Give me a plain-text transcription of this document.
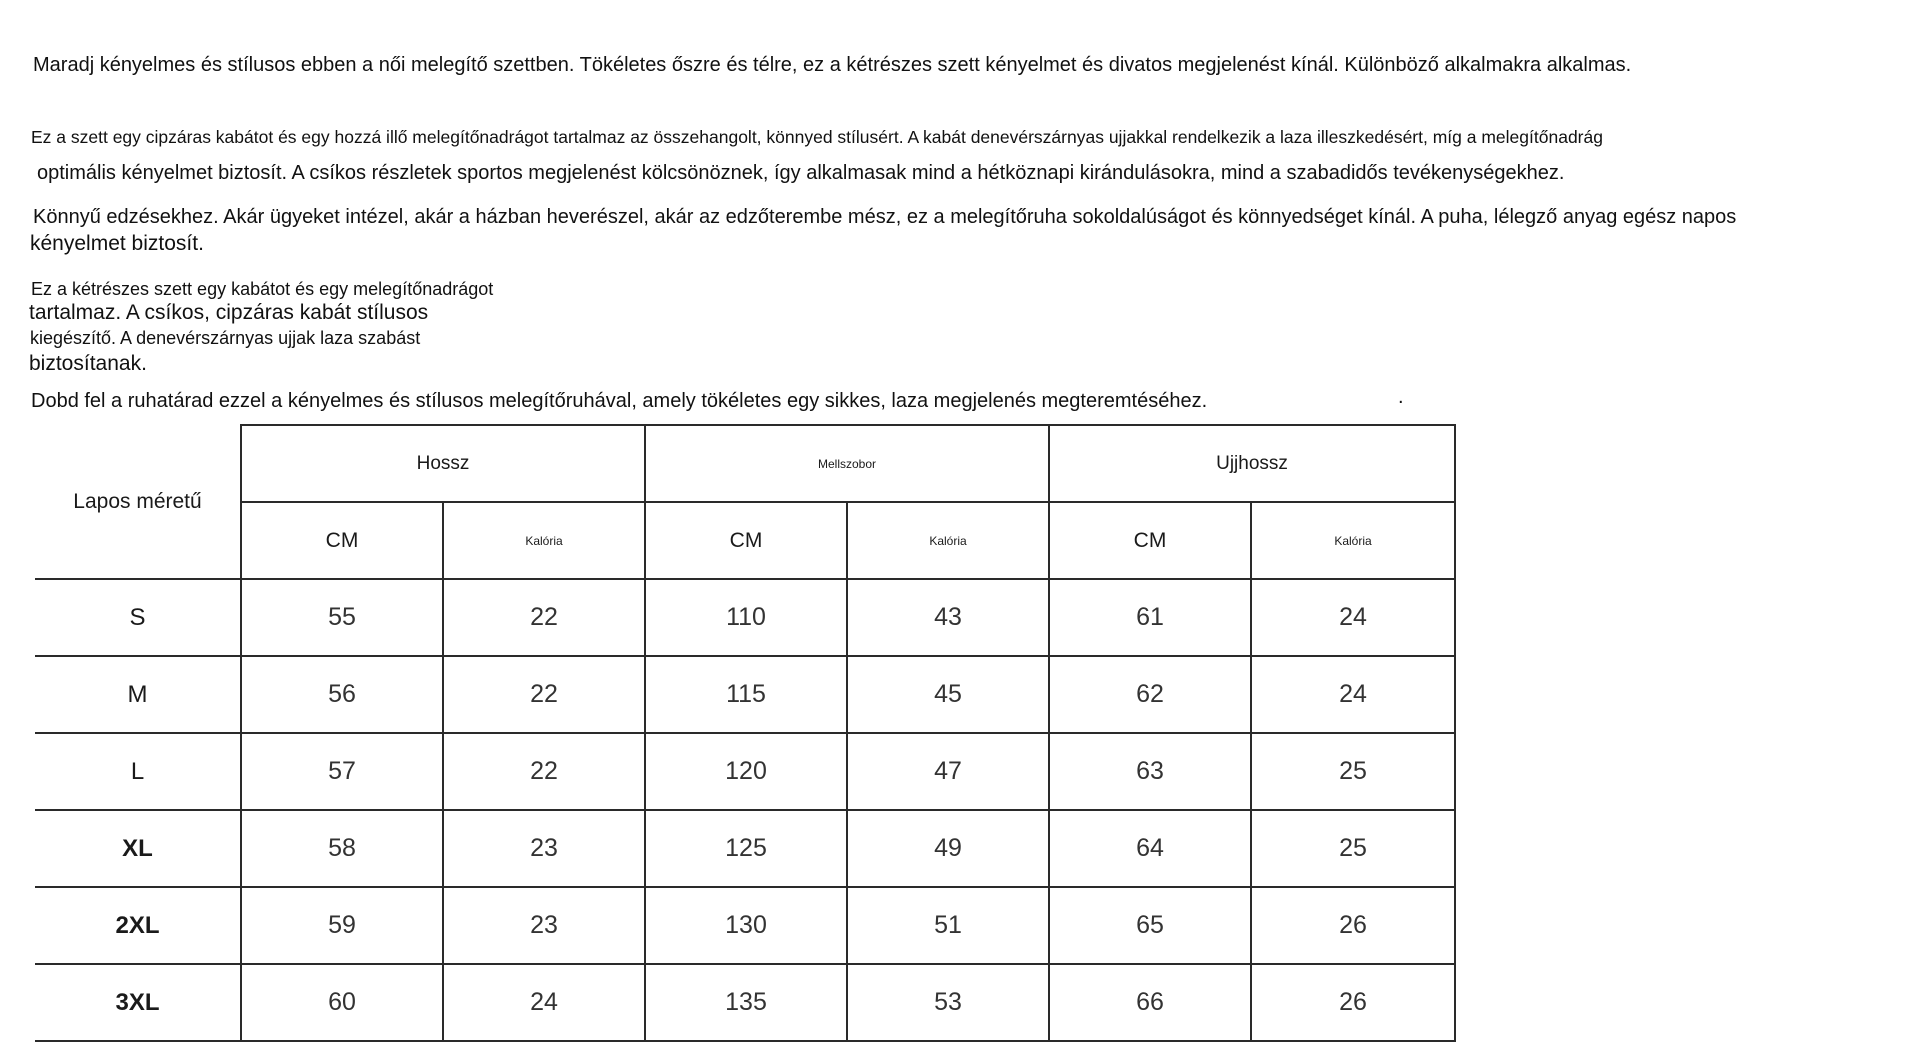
Maradj kényelmes és stílusos ebben a női melegítő szettben. Tökéletes őszre és télre, ez a kétrészes szett kényelmet és divatos megjelenést kínál. Különböző alkalmakra alkalmas.

Ez a szett egy cipzáras kabátot és egy hozzá illő melegítőnadrágot tartalmaz az összehangolt, könnyed stílusért. A kabát denevérszárnyas ujjakkal rendelkezik a laza illeszkedésért, míg a melegítőnadrág

optimális kényelmet biztosít. A csíkos részletek sportos megjelenést kölcsönöznek, így alkalmasak mind a hétköznapi kirándulásokra, mind a szabadidős tevékenységekhez.

Könnyű edzésekhez. Akár ügyeket intézel, akár a házban heverészel, akár az edzőterembe mész, ez a melegítőruha sokoldalúságot és könnyedséget kínál. A puha, lélegző anyag egész napos

kényelmet biztosít.

Ez a kétrészes szett egy kabátot és egy melegítőnadrágot

tartalmaz. A csíkos, cipzáras kabát stílusos

kiegészítő. A denevérszárnyas ujjak laza szabást

biztosítanak.

Dobd fel a ruhatárad ezzel a kényelmes és stílusos melegítőruhával, amely tökéletes egy sikkes, laza megjelenés megteremtéséhez.	.

Lapos méretű	Hossz		Mellszobor		Ujjhossz	
	CM	Kalória	CM	Kalória	CM	Kalória
S	55	22	110	43	61	24
M	56	22	115	45	62	24
L	57	22	120	47	63	25
XL	58	23	125	49	64	25
2XL	59	23	130	51	65	26
3XL	60	24	135	53	66	26
